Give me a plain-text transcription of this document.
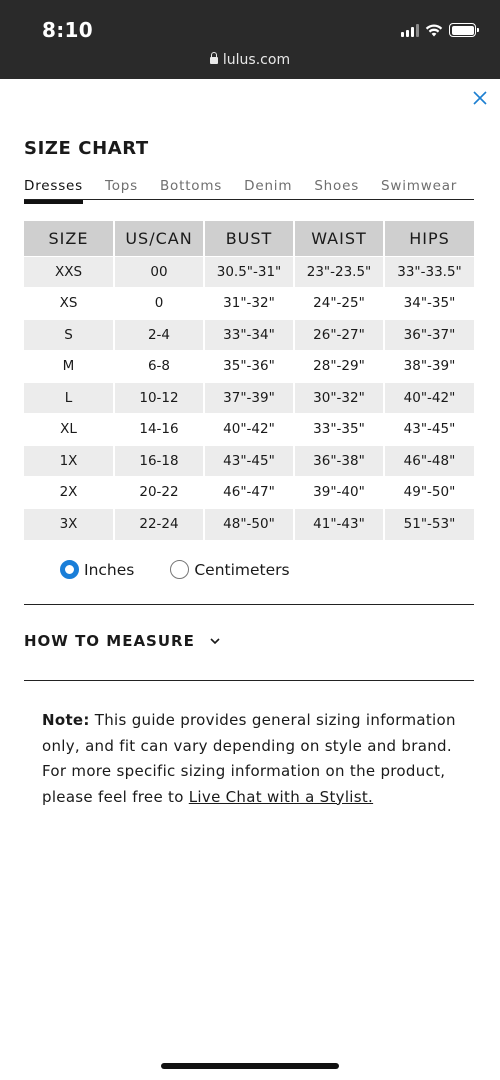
8:10
lulus.com
SIZE CHART
Dresses Tops Bottoms Denim Shoes Swimwear
SIZE	US/CAN	BUST	WAIST	HIPS
XXS	00	30.5"-31"	23"-23.5"	33"-33.5"
XS	0	31"-32"	24"-25"	34"-35"
S	2-4	33"-34"	26"-27"	36"-37"
M	6-8	35"-36"	28"-29"	38"-39"
L	10-12	37"-39"	30"-32"	40"-42"
XL	14-16	40"-42"	33"-35"	43"-45"
1X	16-18	43"-45"	36"-38"	46"-48"
2X	20-22	46"-47"	39"-40"	49"-50"
3X	22-24	48"-50"	41"-43"	51"-53"
Inches	Centimeters
HOW TO MEASURE
Note: This guide provides general sizing information only, and fit can vary depending on style and brand. For more specific sizing information on the product, please feel free to Live Chat with a Stylist.
